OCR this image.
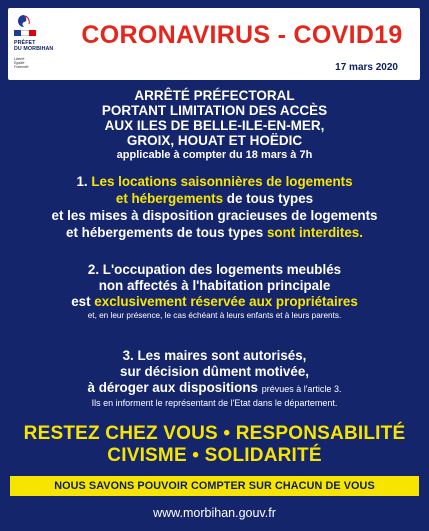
PRÉFET
DU MORBIHAN
Liberté
Égalité
Fraternité
CORONAVIRUS - COVID19
17 mars 2020
ARRÊTÉ PRÉFECTORAL
PORTANT LIMITATION DES ACCÈS
AUX ILES DE BELLE-ILE-EN-MER,
GROIX, HOUAT ET HOËDIC
applicable à compter du 18 mars à 7h
1. Les locations saisonnières de logements
et hébergements de tous types
et les mises à disposition gracieuses de logements
et hébergements de tous types sont interdites.
2. L'occupation des logements meublés
non affectés à l'habitation principale
est exclusivement réservée aux propriétaires
et, en leur présence, le cas échéant à leurs enfants et à leurs parents.
3. Les maires sont autorisés,
sur décision dûment motivée,
à déroger aux dispositions prévues à l'article 3.
Ils en informent le représentant de l'Etat dans le département.
RESTEZ CHEZ VOUS • RESPONSABILITÉ
CIVISME • SOLIDARITÉ
NOUS SAVONS POUVOIR COMPTER SUR CHACUN DE VOUS
www.morbihan.gouv.fr
